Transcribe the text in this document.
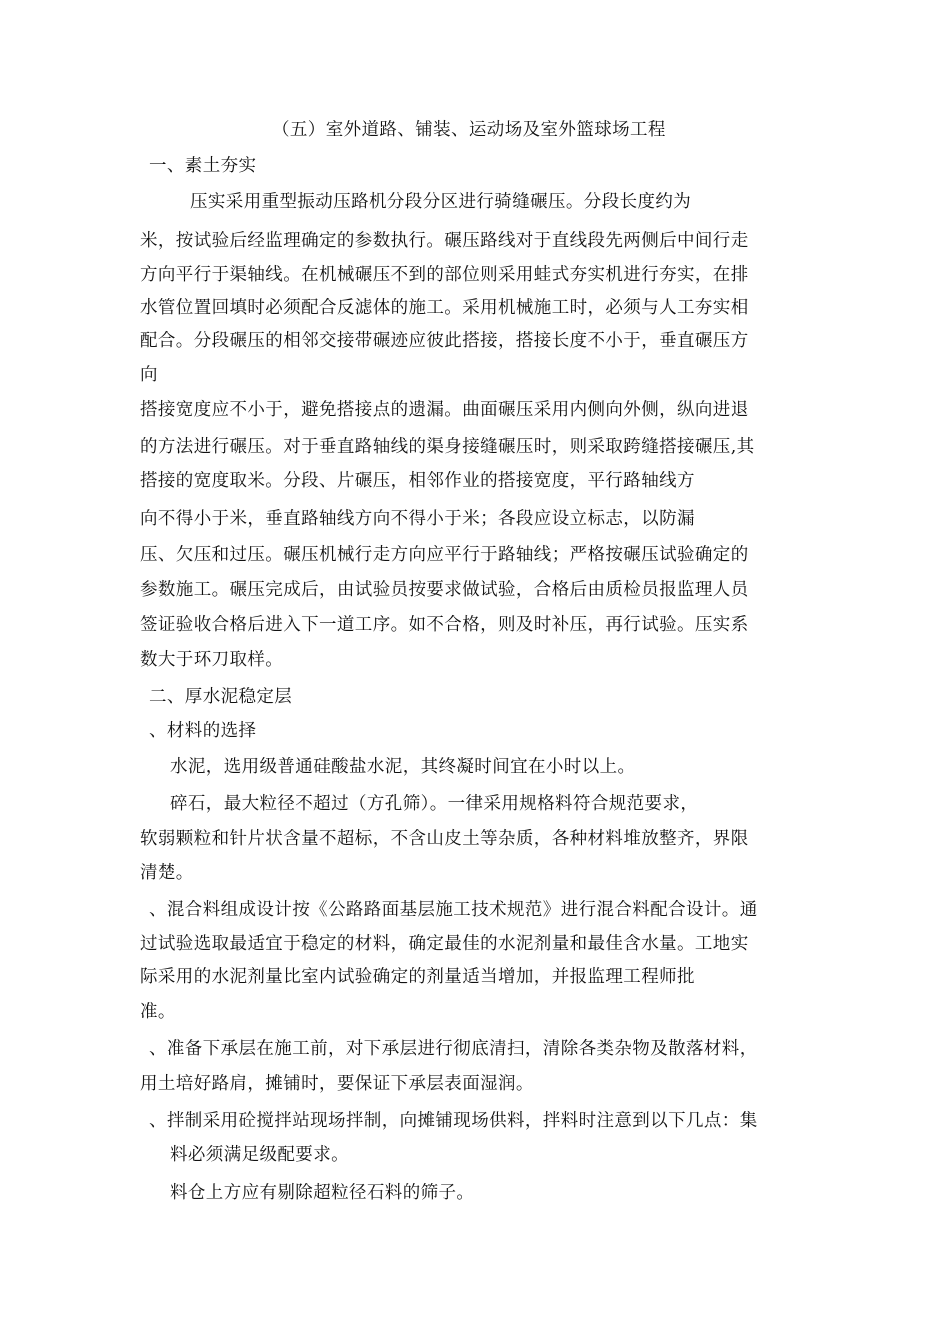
（五）室外道路、铺装、运动场及室外篮球场工程
一、素土夯实
压实采用重型振动压路机分段分区进行骑缝碾压。分段长度约为
米，按试验后经监理确定的参数执行。碾压路线对于直线段先两侧后中间行走
方向平行于渠轴线。在机械碾压不到的部位则采用蛙式夯实机进行夯实，在排
水管位置回填时必须配合反滤体的施工。采用机械施工时，必须与人工夯实相
配合。分段碾压的相邻交接带碾迹应彼此搭接，搭接长度不小于，垂直碾压方
向
搭接宽度应不小于，避免搭接点的遗漏。曲面碾压采用内侧向外侧，纵向进退
的方法进行碾压。对于垂直路轴线的渠身接缝碾压时，则采取跨缝搭接碾压,其
搭接的宽度取米。分段、片碾压，相邻作业的搭接宽度，平行路轴线方
向不得小于米，垂直路轴线方向不得小于米；各段应设立标志，以防漏
压、欠压和过压。碾压机械行走方向应平行于路轴线；严格按碾压试验确定的
参数施工。碾压完成后，由试验员按要求做试验，合格后由质检员报监理人员
签证验收合格后进入下一道工序。如不合格，则及时补压，再行试验。压实系
数大于环刀取样。
二、厚水泥稳定层
、材料的选择
水泥，选用级普通硅酸盐水泥，其终凝时间宜在小时以上。
碎石，最大粒径不超过（方孔筛）。一律采用规格料符合规范要求，
软弱颗粒和针片状含量不超标，不含山皮土等杂质，各种材料堆放整齐，界限
清楚。
、混合料组成设计按《公路路面基层施工技术规范》进行混合料配合设计。通
过试验选取最适宜于稳定的材料，确定最佳的水泥剂量和最佳含水量。工地实
际采用的水泥剂量比室内试验确定的剂量适当增加，并报监理工程师批
准。
、准备下承层在施工前，对下承层进行彻底清扫，清除各类杂物及散落材料，
用土培好路肩，摊铺时，要保证下承层表面湿润。
、拌制采用砼搅拌站现场拌制，向摊铺现场供料，拌料时注意到以下几点：集
料必须满足级配要求。
料仓上方应有剔除超粒径石料的筛子。
